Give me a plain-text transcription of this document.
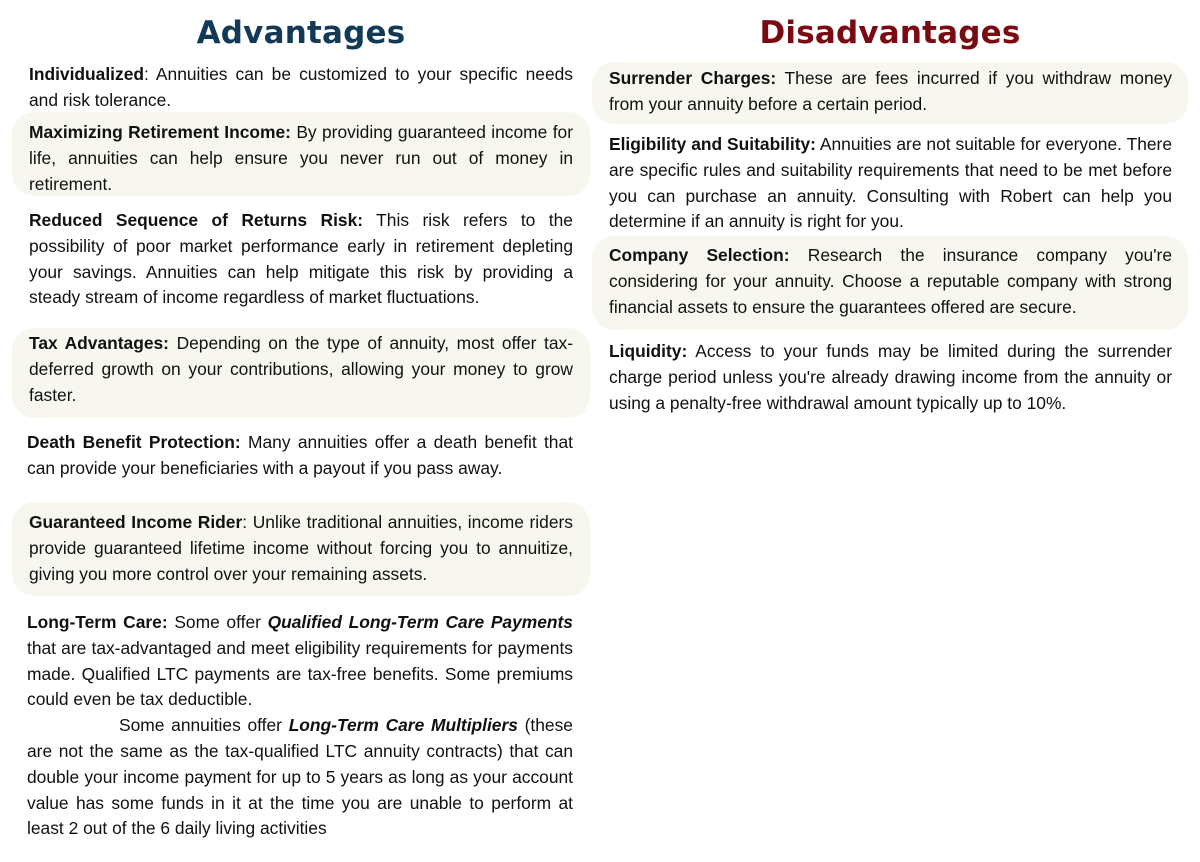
Advantages
Individualized: Annuities can be customized to your specific needs and risk tolerance.
Maximizing Retirement Income: By providing guaranteed income for life, annuities can help ensure you never run out of money in retirement.
Reduced Sequence of Returns Risk: This risk refers to the possibility of poor market performance early in retirement depleting your savings. Annuities can help mitigate this risk by providing a steady stream of income regardless of market fluctuations.
Tax Advantages: Depending on the type of annuity, most offer tax-deferred growth on your contributions, allowing your money to grow faster.
Death Benefit Protection: Many annuities offer a death benefit that can provide your beneficiaries with a payout if you pass away.
Guaranteed Income Rider: Unlike traditional annuities, income riders provide guaranteed lifetime income without forcing you to annuitize, giving you more control over your remaining assets.
Long-Term Care: Some offer Qualified Long-Term Care Payments that are tax-advantaged and meet eligibility requirements for payments made. Qualified LTC payments are tax-free benefits. Some premiums could even be tax deductible.
Some annuities offer Long-Term Care Multipliers (these are not the same as the tax-qualified LTC annuity contracts) that can double your income payment for up to 5 years as long as your account value has some funds in it at the time you are unable to perform at least 2 out of the 6 daily living activities
Disadvantages
Surrender Charges: These are fees incurred if you withdraw money from your annuity before a certain period.
Eligibility and Suitability: Annuities are not suitable for everyone. There are specific rules and suitability requirements that need to be met before you can purchase an annuity. Consulting with Robert can help you determine if an annuity is right for you.
Company Selection: Research the insurance company you're considering for your annuity. Choose a reputable company with strong financial assets to ensure the guarantees offered are secure.
Liquidity: Access to your funds may be limited during the surrender charge period unless you're already drawing income from the annuity or using a penalty-free withdrawal amount typically up to 10%.
